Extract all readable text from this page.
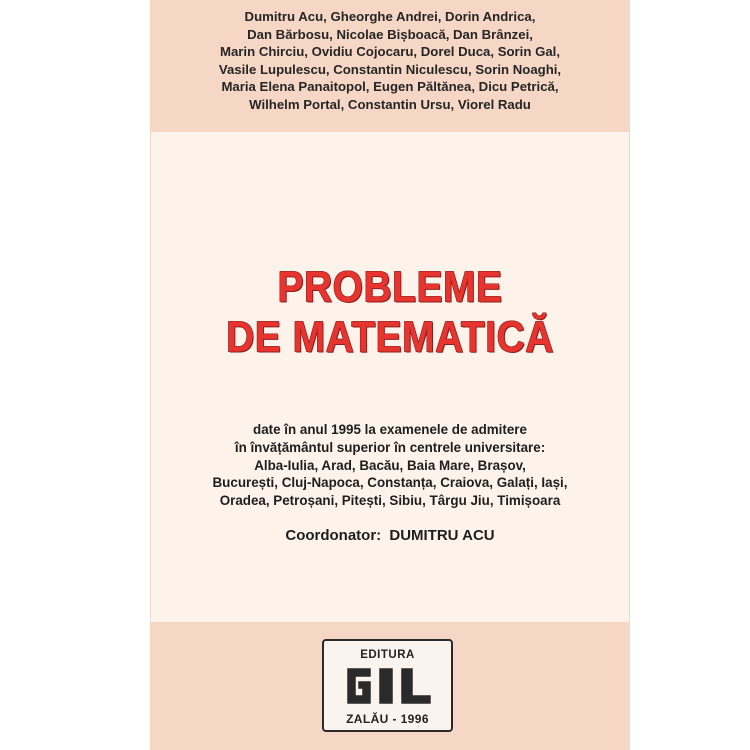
Dumitru Acu, Gheorghe Andrei, Dorin Andrica,
Dan Bărbosu, Nicolae Bișboacă, Dan Brânzei,
Marin Chirciu, Ovidiu Cojocaru, Dorel Duca, Sorin Gal,
Vasile Lupulescu, Constantin Niculescu, Sorin Noaghi,
Maria Elena Panaitopol, Eugen Păltănea, Dicu Petrică,
Wilhelm Portal, Constantin Ursu, Viorel Radu
PROBLEME
DE MATEMATICĂ
date în anul 1995 la examenele de admitere
în învățământul superior în centrele universitare:
Alba-Iulia, Arad, Bacău, Baia Mare, Brașov,
București, Cluj-Napoca, Constanța, Craiova, Galați, Iași,
Oradea, Petroșani, Pitești, Sibiu, Târgu Jiu, Timișoara
Coordonator: DUMITRU ACU
EDITURA
ZALĂU - 1996
